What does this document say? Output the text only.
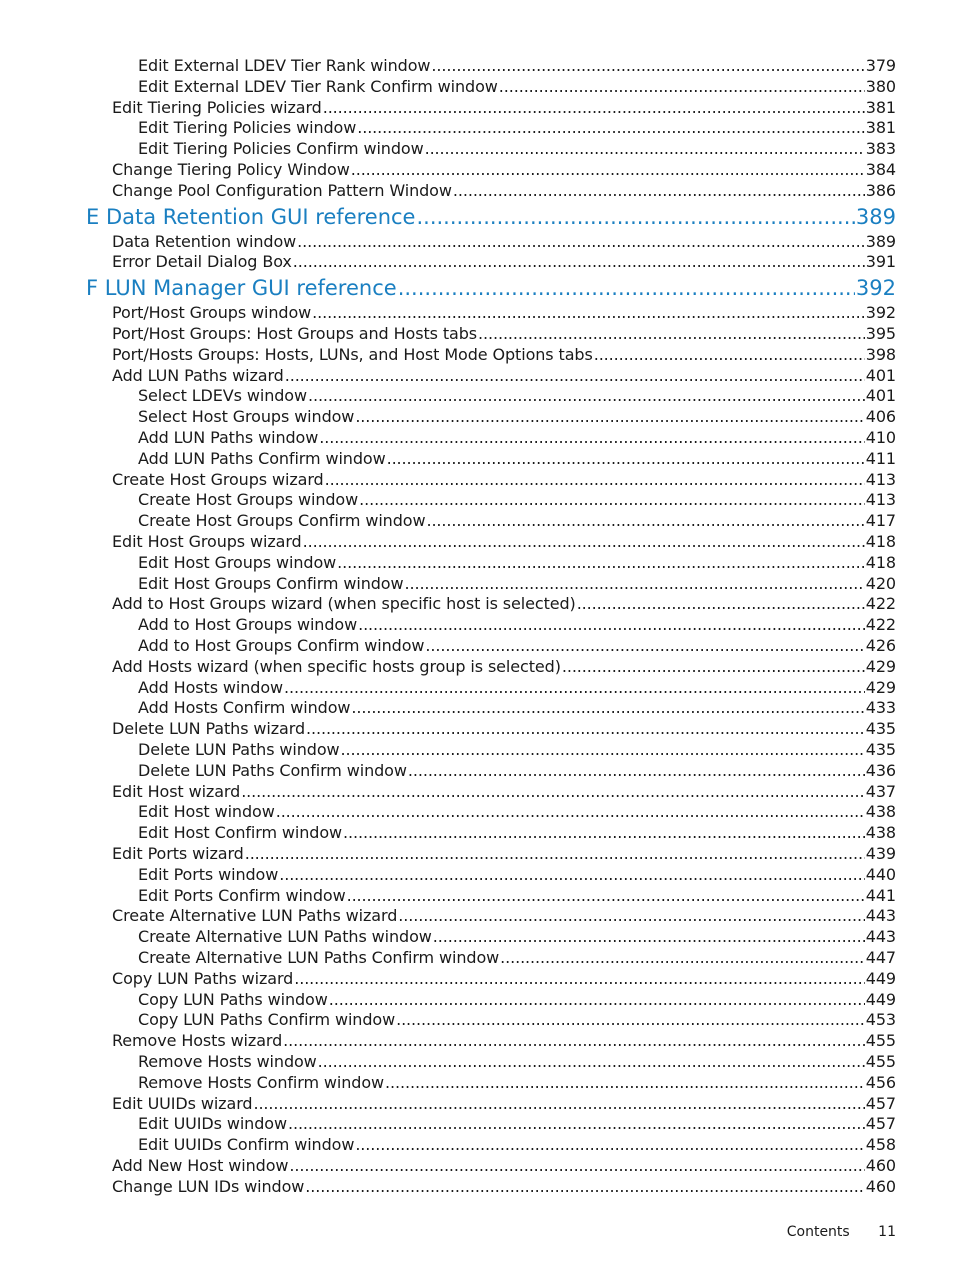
Edit External LDEV Tier Rank window .....	379
Edit External LDEV Tier Rank Confirm window .....	380
Edit Tiering Policies wizard .....	381
Edit Tiering Policies window .....	381
Edit Tiering Policies Confirm window .....	383
Change Tiering Policy Window .....	384
Change Pool Configuration Pattern Window .....	386
E Data Retention GUI reference .....	389
Data Retention window .....	389
Error Detail Dialog Box .....	391
F LUN Manager GUI reference .....	392
Port/Host Groups window .....	392
Port/Host Groups: Host Groups and Hosts tabs .....	395
Port/Hosts Groups: Hosts, LUNs, and Host Mode Options tabs .....	398
Add LUN Paths wizard .....	401
Select LDEVs window .....	401
Select Host Groups window .....	406
Add LUN Paths window .....	410
Add LUN Paths Confirm window .....	411
Create Host Groups wizard .....	413
Create Host Groups window .....	413
Create Host Groups Confirm window .....	417
Edit Host Groups wizard .....	418
Edit Host Groups window .....	418
Edit Host Groups Confirm window .....	420
Add to Host Groups wizard (when specific host is selected) .....	422
Add to Host Groups window .....	422
Add to Host Groups Confirm window .....	426
Add Hosts wizard (when specific hosts group is selected) .....	429
Add Hosts window .....	429
Add Hosts Confirm window .....	433
Delete LUN Paths wizard .....	435
Delete LUN Paths window .....	435
Delete LUN Paths Confirm window .....	436
Edit Host wizard .....	437
Edit Host window .....	438
Edit Host Confirm window .....	438
Edit Ports wizard .....	439
Edit Ports window .....	440
Edit Ports Confirm window .....	441
Create Alternative LUN Paths wizard .....	443
Create Alternative LUN Paths window .....	443
Create Alternative LUN Paths Confirm window .....	447
Copy LUN Paths wizard .....	449
Copy LUN Paths window .....	449
Copy LUN Paths Confirm window .....	453
Remove Hosts wizard .....	455
Remove Hosts window .....	455
Remove Hosts Confirm window .....	456
Edit UUIDs wizard .....	457
Edit UUIDs window .....	457
Edit UUIDs Confirm window .....	458
Add New Host window .....	460
Change LUN IDs window .....	460
Contents 11
